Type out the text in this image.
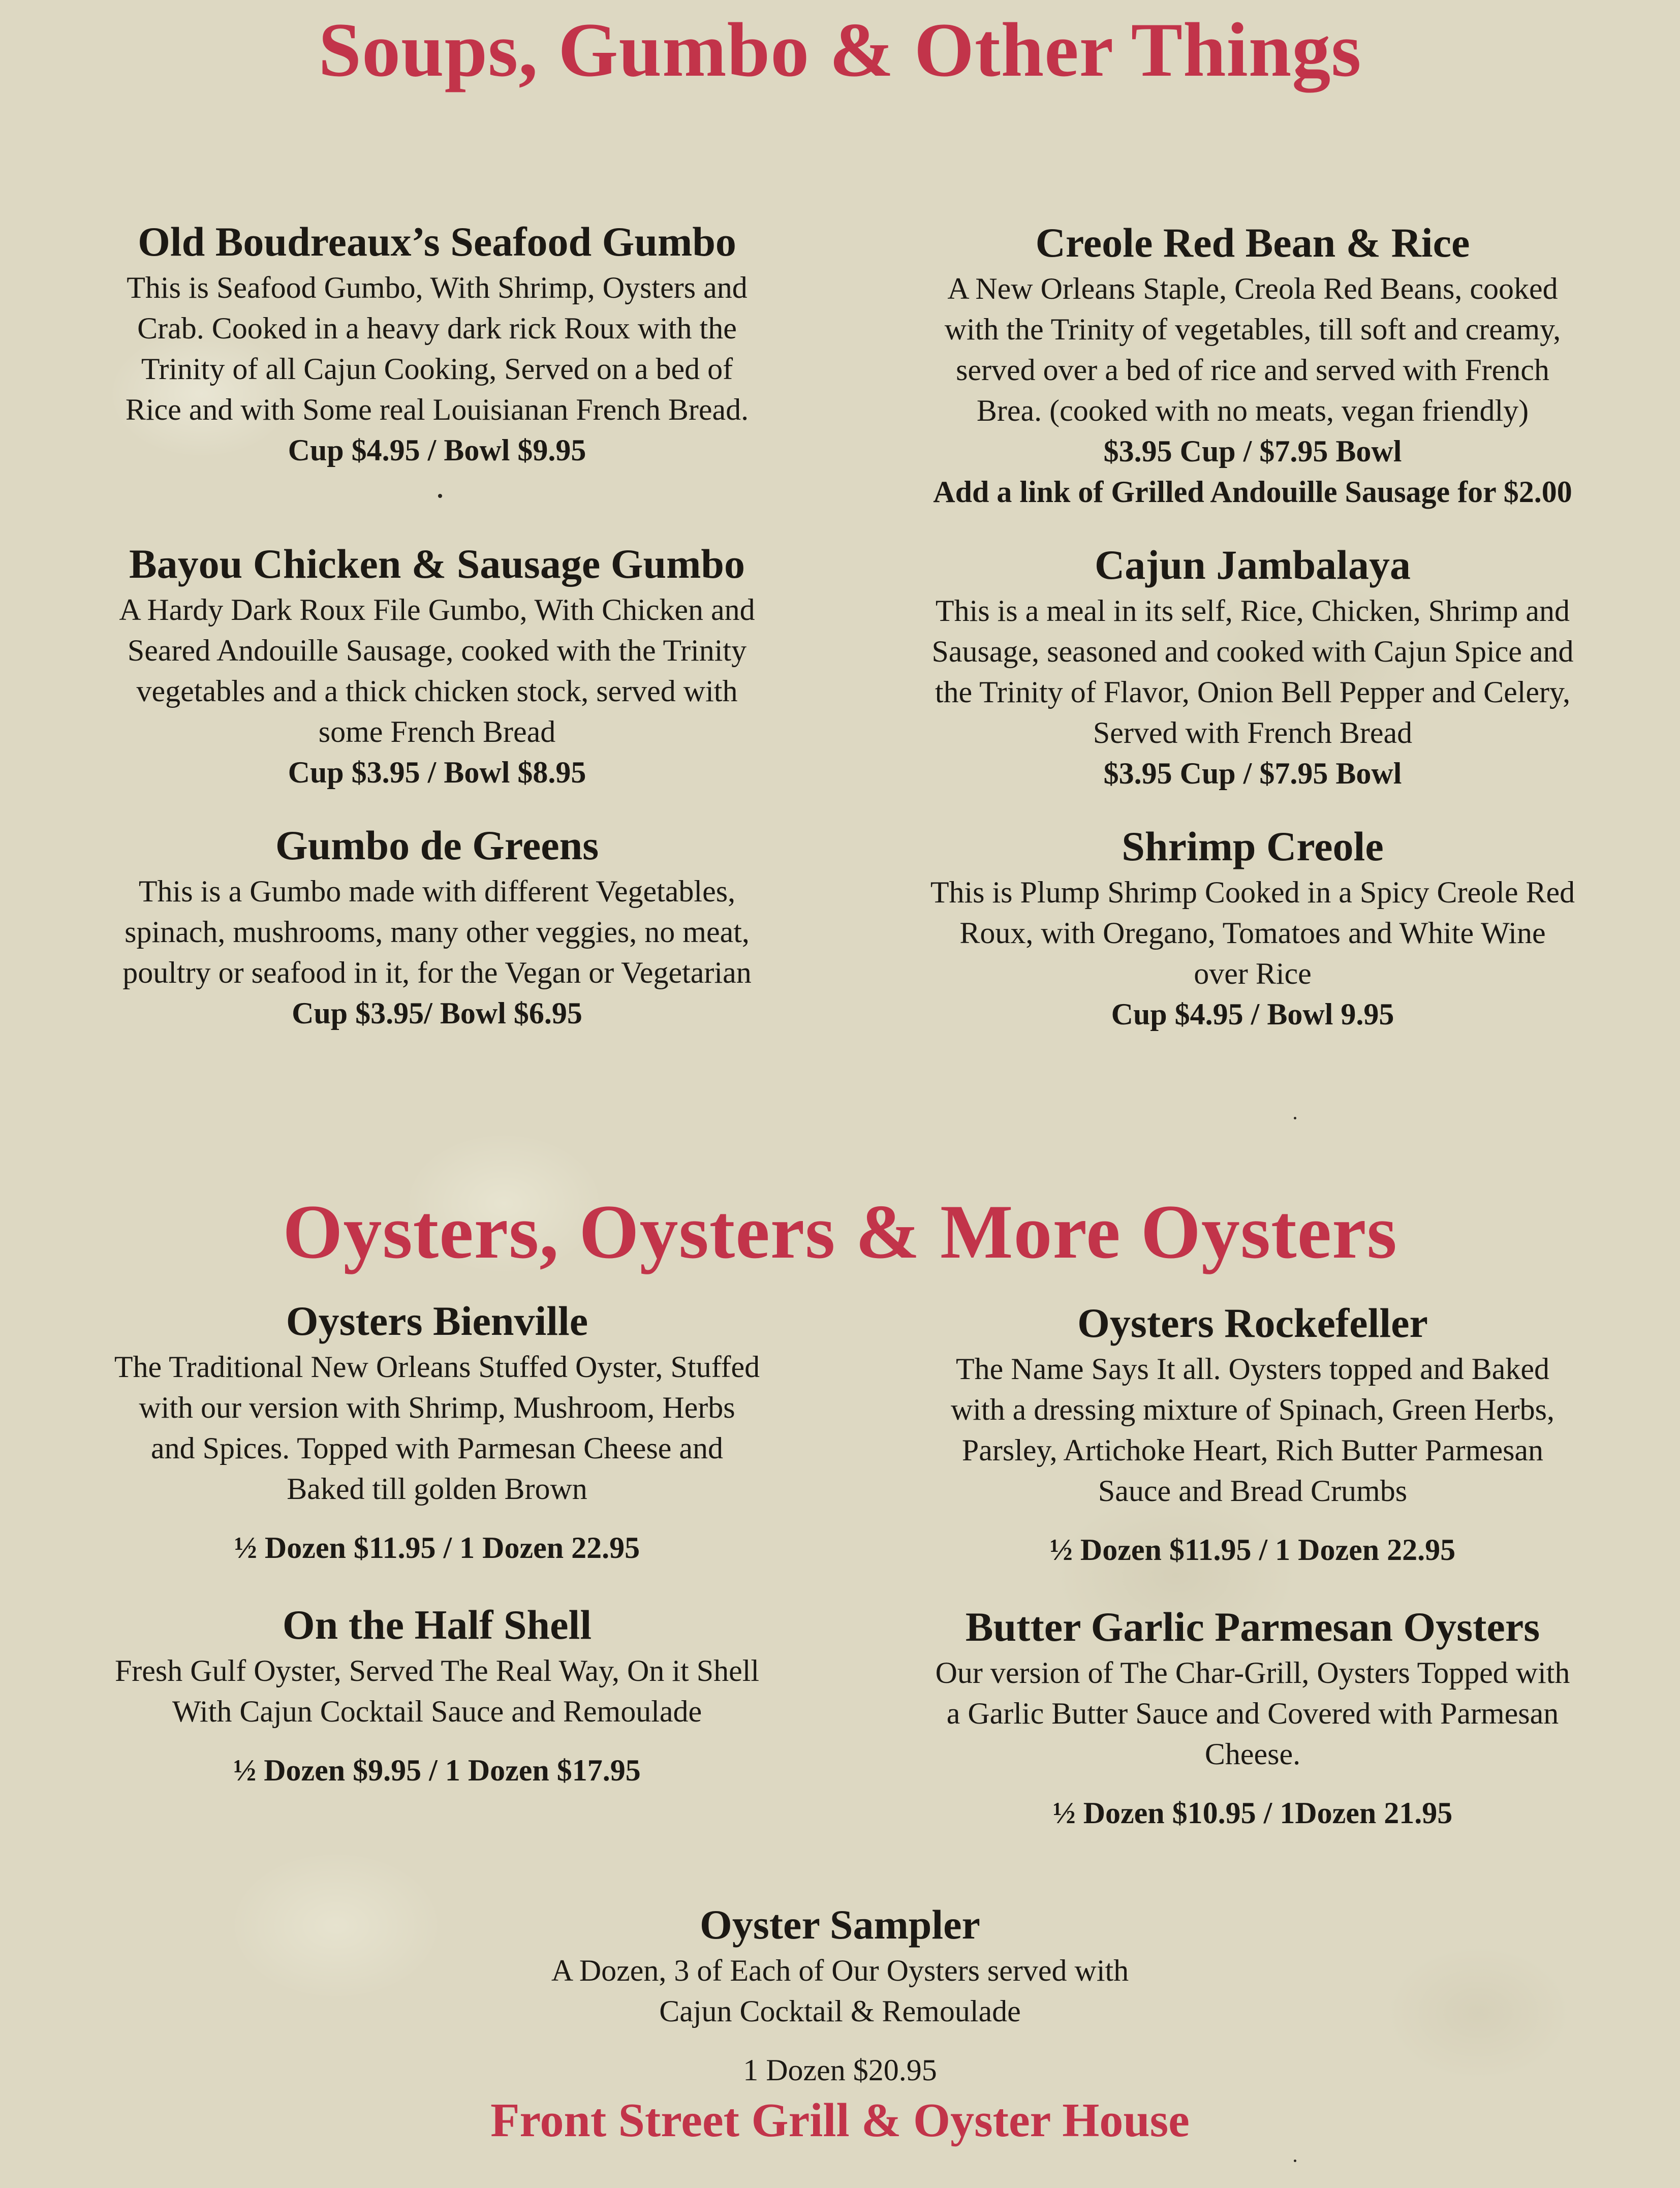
Soups, Gumbo & Other Things
Old Boudreaux’s Seafood Gumbo
This is Seafood Gumbo, With Shrimp, Oysters and
Crab. Cooked in a heavy dark rick Roux with the
Trinity of all Cajun Cooking, Served on a bed of
Rice and with Some real Louisianan French Bread.
Cup $4.95 / Bowl $9.95
Creole Red Bean & Rice
A New Orleans Staple, Creola Red Beans, cooked
with the Trinity of vegetables, till soft and creamy,
served over a bed of rice and served with French
Brea. (cooked with no meats, vegan friendly)
$3.95 Cup / $7.95 Bowl
Add a link of Grilled Andouille Sausage for $2.00
Bayou Chicken & Sausage Gumbo
A Hardy Dark Roux File Gumbo, With Chicken and
Seared Andouille Sausage, cooked with the Trinity
vegetables and a thick chicken stock, served with
some French Bread
Cup $3.95 / Bowl $8.95
Cajun Jambalaya
This is a meal in its self, Rice, Chicken, Shrimp and
Sausage, seasoned and cooked with Cajun Spice and
the Trinity of Flavor, Onion Bell Pepper and Celery,
Served with French Bread
$3.95 Cup / $7.95 Bowl
Gumbo de Greens
This is a Gumbo made with different Vegetables,
spinach, mushrooms, many other veggies, no meat,
poultry or seafood in it, for the Vegan or Vegetarian
Cup $3.95/ Bowl $6.95
Shrimp Creole
This is Plump Shrimp Cooked in a Spicy Creole Red
Roux, with Oregano, Tomatoes and White Wine
over Rice
Cup $4.95 / Bowl 9.95
Oysters, Oysters & More Oysters
Oysters Bienville
The Traditional New Orleans Stuffed Oyster, Stuffed
with our version with Shrimp, Mushroom, Herbs
and Spices. Topped with Parmesan Cheese and
Baked till golden Brown
½ Dozen $11.95 / 1 Dozen 22.95
Oysters Rockefeller
The Name Says It all. Oysters topped and Baked
with a dressing mixture of Spinach, Green Herbs,
Parsley, Artichoke Heart, Rich Butter Parmesan
Sauce and Bread Crumbs
½ Dozen $11.95 / 1 Dozen 22.95
On the Half Shell
Fresh Gulf Oyster, Served The Real Way, On it Shell
With Cajun Cocktail Sauce and Remoulade
½ Dozen $9.95 / 1 Dozen $17.95
Butter Garlic Parmesan Oysters
Our version of The Char-Grill, Oysters Topped with
a Garlic Butter Sauce and Covered with Parmesan
Cheese.
½ Dozen $10.95 / 1Dozen 21.95
Oyster Sampler
A Dozen, 3 of Each of Our Oysters served with
Cajun Cocktail & Remoulade
1 Dozen $20.95
Front Street Grill & Oyster House
